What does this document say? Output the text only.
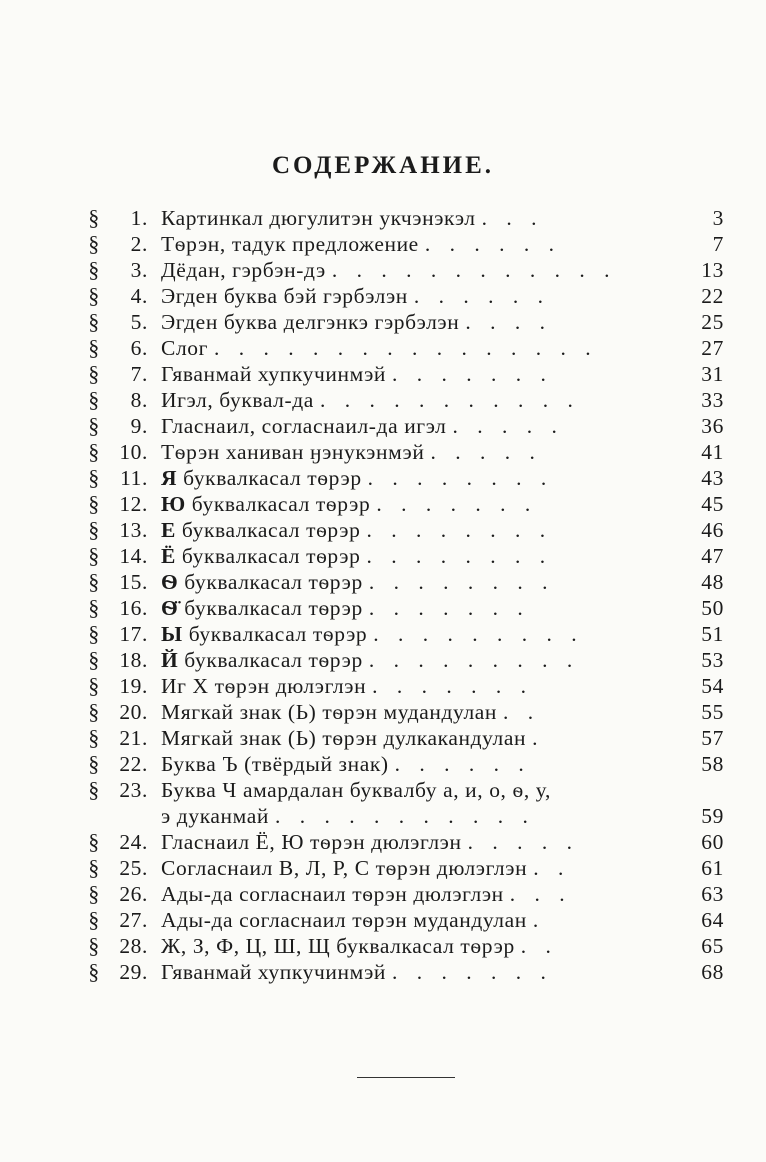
СОДЕРЖАНИЕ.
§	1. Картинкал дюгулитэн укчэнэкэл . . .	3
§	2. Тѳрэн, тадук предложение . . . . . .	7
§	3. Дёдан, гэрбэн-дэ . . . . . . . . . . . .	13
§	4. Эгден буква бэй гэрбэлэн . . . . . .	22
§	5. Эгден буква делгэнкэ гэрбэлэн . . . .	25
§	6. Слог . . . . . . . . . . . . . . . .	27
§	7. Гяванмай хупкучинмэй . . . . . . .	31
§	8. Игэл, буквал-да . . . . . . . . . . .	33
§	9. Гласнаил, согласнаил-да игэл . . . . .	36
§ 10. Тѳрэн ханиван ӈэнукэнмэй . . . . .	41
§ 11. Я буквалкасал тѳрэр . . . . . . . .	43
§ 12. Ю буквалкасал тѳрэр . . . . . . .	45
§ 13. Е буквалкасал тѳрэр . . . . . . . .	46
§ 14. Ё буквалкасал тѳрэр . . . . . . . .	47
§ 15. Ѳ буквалкасал тѳрэр . . . . . . . .	48
§ 16. Ѳ̈ буквалкасал тѳрэр . . . . . . .	50
§ 17. Ы буквалкасал тѳрэр . . . . . . . . .	51
§ 18. Й буквалкасал тѳрэр . . . . . . . . .	53
§ 19. Иг Х тѳрэн дюлэглэн . . . . . . .	54
§ 20. Мягкай знак (Ь) тѳрэн мудандулан . .	55
§ 21. Мягкай знак (Ь) тѳрэн дулкакандулан .	57
§ 22. Буква Ъ (твёрдый знак) . . . . . .	58
§ 23. Буква Ч амардалан буквалбу а, и, о, ѳ, у,
э дуканмай . . . . . . . . . . .	59
§ 24. Гласнаил Ё, Ю тѳрэн дюлэглэн . . . . .	60
§ 25. Согласнаил В, Л, Р, С тѳрэн дюлэглэн . .	61
§ 26. Ады-да согласнаил тѳрэн дюлэглэн . . .	63
§ 27. Ады-да согласнаил тѳрэн мудандулан .	64
§ 28. Ж, З, Ф, Ц, Ш, Щ буквалкасал тѳрэр . .	65
§ 29. Гяванмай хупкучинмэй . . . . . . .	68
